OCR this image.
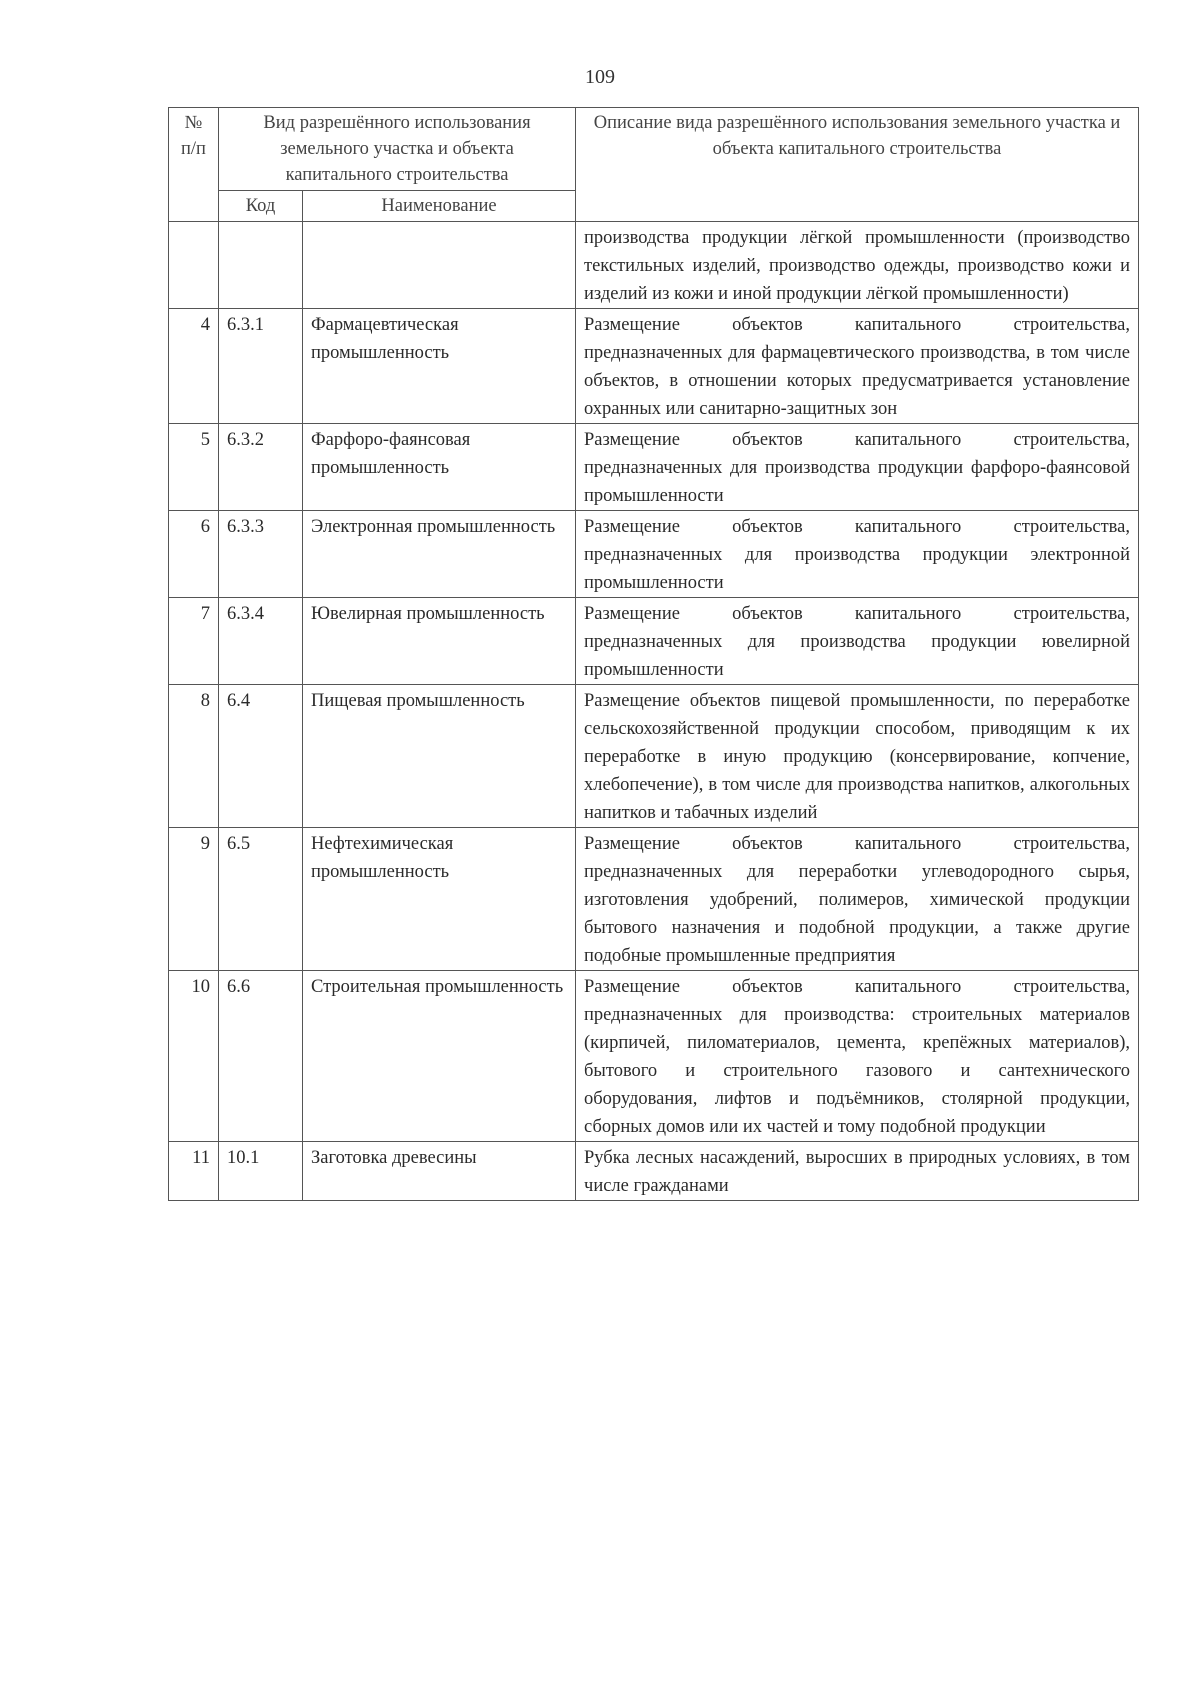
109
№ п/п	Вид разрешённого использования земельного участка и объекта капитального строительства		Описание вида разрешённого использования земельного участка и объекта капитального строительства
	Код	Наименование	
			производства продукции лёгкой промышленности (производство текстильных изделий, производство одежды, производство кожи и изделий из кожи и иной продукции лёгкой промышленности)
4	6.3.1	Фармацевтическая промышленность	Размещение объектов капитального строительства, предназначенных для фармацевтического производства, в том числе объектов, в отношении которых предусматривается установление охранных или санитарно-защитных зон
5	6.3.2	Фарфоро-фаянсовая промышленность	Размещение объектов капитального строительства, предназначенных для производства продукции фарфоро-фаянсовой промышленности
6	6.3.3	Электронная промышленность	Размещение объектов капитального строительства, предназначенных для производства продукции электронной промышленности
7	6.3.4	Ювелирная промышленность	Размещение объектов капитального строительства, предназначенных для производства продукции ювелирной промышленности
8	6.4	Пищевая промышленность	Размещение объектов пищевой промышленности, по переработке сельскохозяйственной продукции способом, приводящим к их переработке в иную продукцию (консервирование, копчение, хлебопечение), в том числе для производства напитков, алкогольных напитков и табачных изделий
9	6.5	Нефтехимическая промышленность	Размещение объектов капитального строительства, предназначенных для переработки углеводородного сырья, изготовления удобрений, полимеров, химической продукции бытового назначения и подобной продукции, а также другие подобные промышленные предприятия
10	6.6	Строительная промышленность	Размещение объектов капитального строительства, предназначенных для производства: строительных материалов (кирпичей, пиломатериалов, цемента, крепёжных материалов), бытового и строительного газового и сантехнического оборудования, лифтов и подъёмников, столярной продукции, сборных домов или их частей и тому подобной продукции
11	10.1	Заготовка древесины	Рубка лесных насаждений, выросших в природных условиях, в том числе гражданами
